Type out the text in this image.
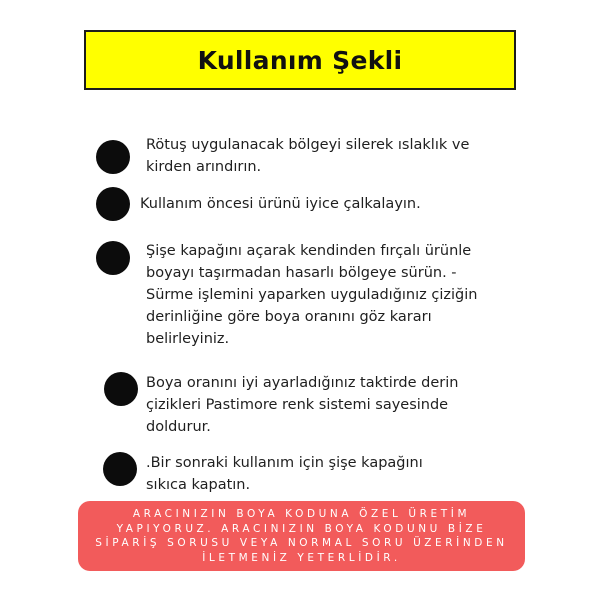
Kullanım Şekli

Rötuş uygulanacak bölgeyi silerek ıslaklık ve kirden arındırın.

Kullanım öncesi ürünü iyice çalkalayın.

Şişe kapağını açarak kendinden fırçalı ürünle boyayı taşırmadan hasarlı bölgeye sürün. - Sürme işlemini yaparken uyguladığınız çiziğin derinliğine göre boya oranını göz kararı belirleyiniz.

Boya oranını iyi ayarladığınız taktirde derin çizikleri Pastimore renk sistemi sayesinde doldurur.

.Bir sonraki kullanım için şişe kapağını sıkıca kapatın.

ARACINIZIN BOYA KODUNA ÖZEL ÜRETİM YAPIYORUZ. ARACINIZIN BOYA KODUNU BİZE SİPARİŞ SORUSU VEYA NORMAL SORU ÜZERİNDEN İLETMENİZ YETERLİDİR.
